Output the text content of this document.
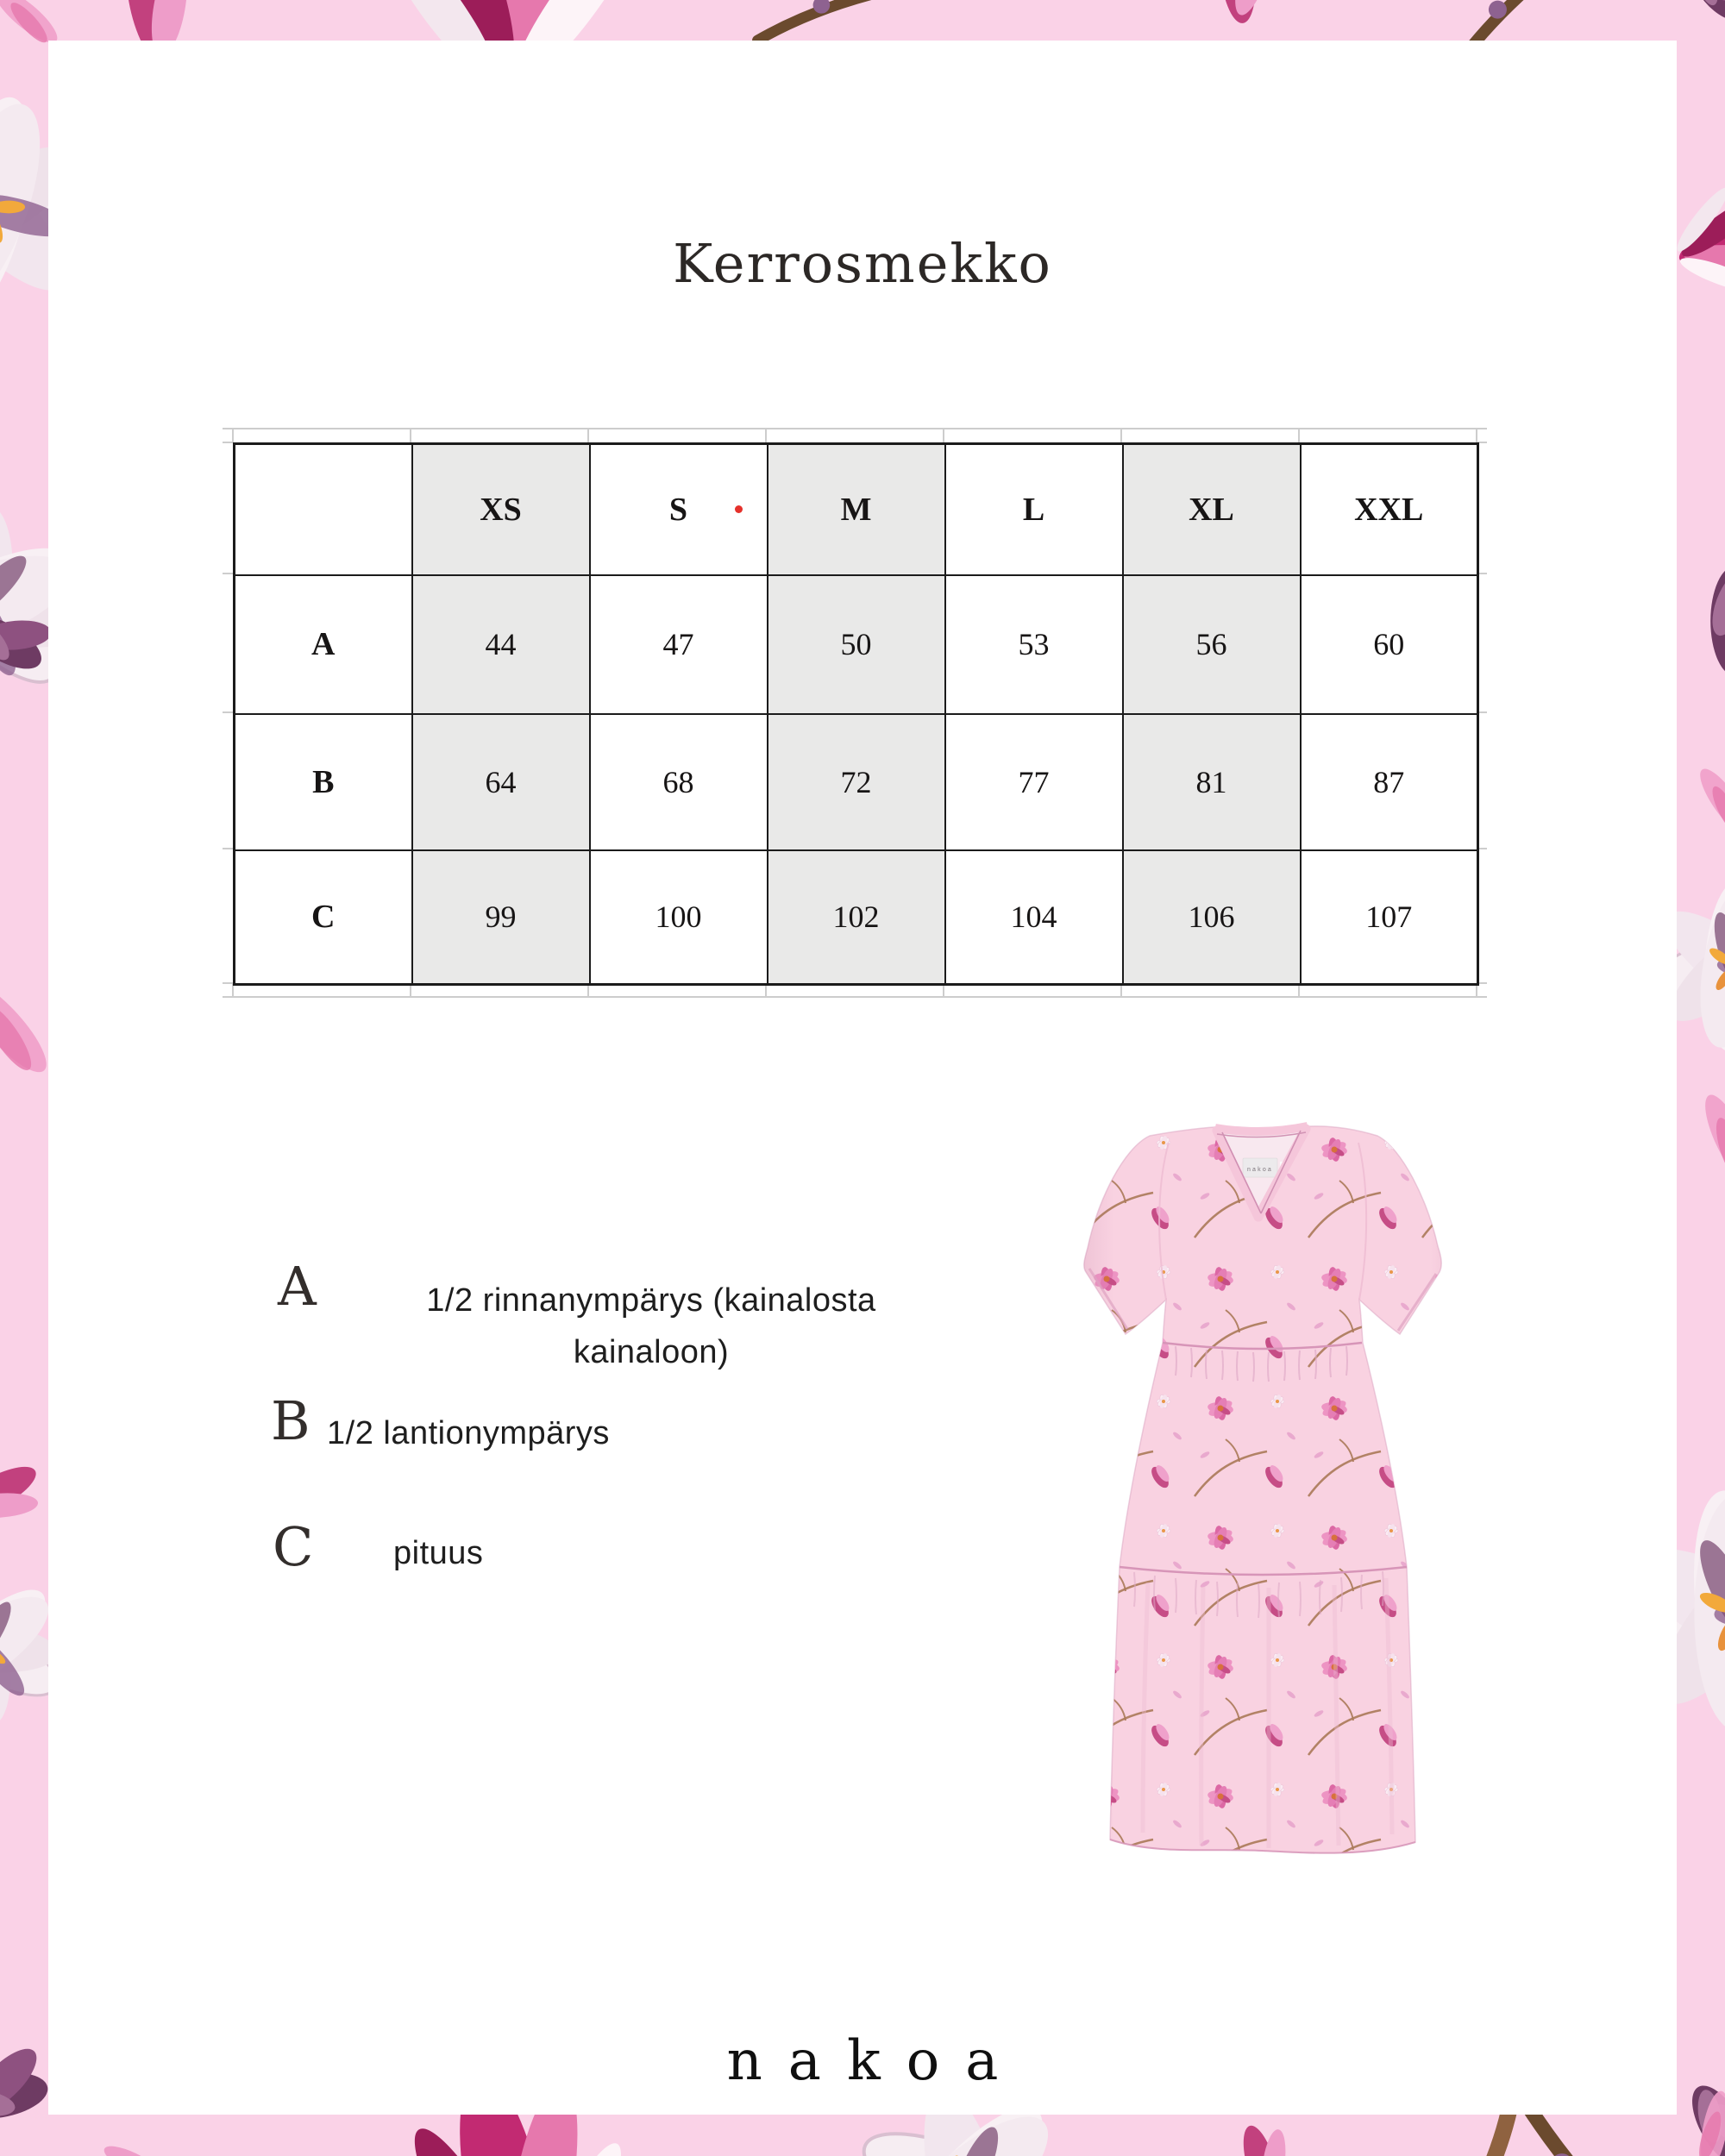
Kerrosmekko
	XS	S	M	L	XL	XXL
A	44	47	50	53	56	60
B	64	68	72	77	81	87
C	99	100	102	104	106	107
A	1/2 rinnanympärys (kainalosta kainaloon)
B 1/2 lantionympärys
C pituus
nakoa
nakoa
